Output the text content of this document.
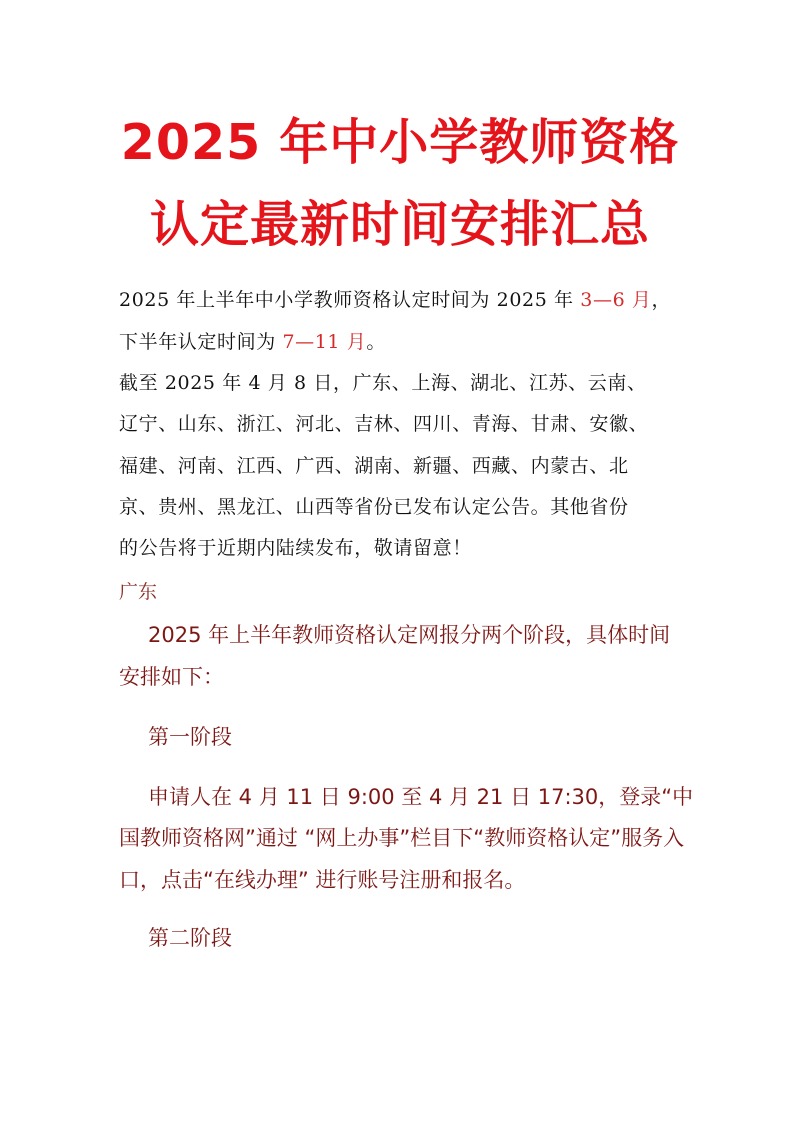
2025 年中小学教师资格
认定最新时间安排汇总
2025 年上半年中小学教师资格认定时间为 2025 年 3—6 月，
下半年认定时间为 7—11 月。
截至 2025 年 4 月 8 日，广东、上海、湖北、江苏、云南、
辽宁、山东、浙江、河北、吉林、四川、青海、甘肃、安徽、
福建、河南、江西、广西、湖南、新疆、西藏、内蒙古、北
京、贵州、黑龙江、山西等省份已发布认定公告。其他省份
的公告将于近期内陆续发布，敬请留意！
广东
2025 年上半年教师资格认定网报分两个阶段，具体时间
安排如下：
第一阶段
申请人在 4 月 11 日 9:00 至 4 月 21 日 17:30，登录“中
国教师资格网”通过 “网上办事”栏目下“教师资格认定”服务入
口，点击“在线办理” 进行账号注册和报名。
第二阶段
